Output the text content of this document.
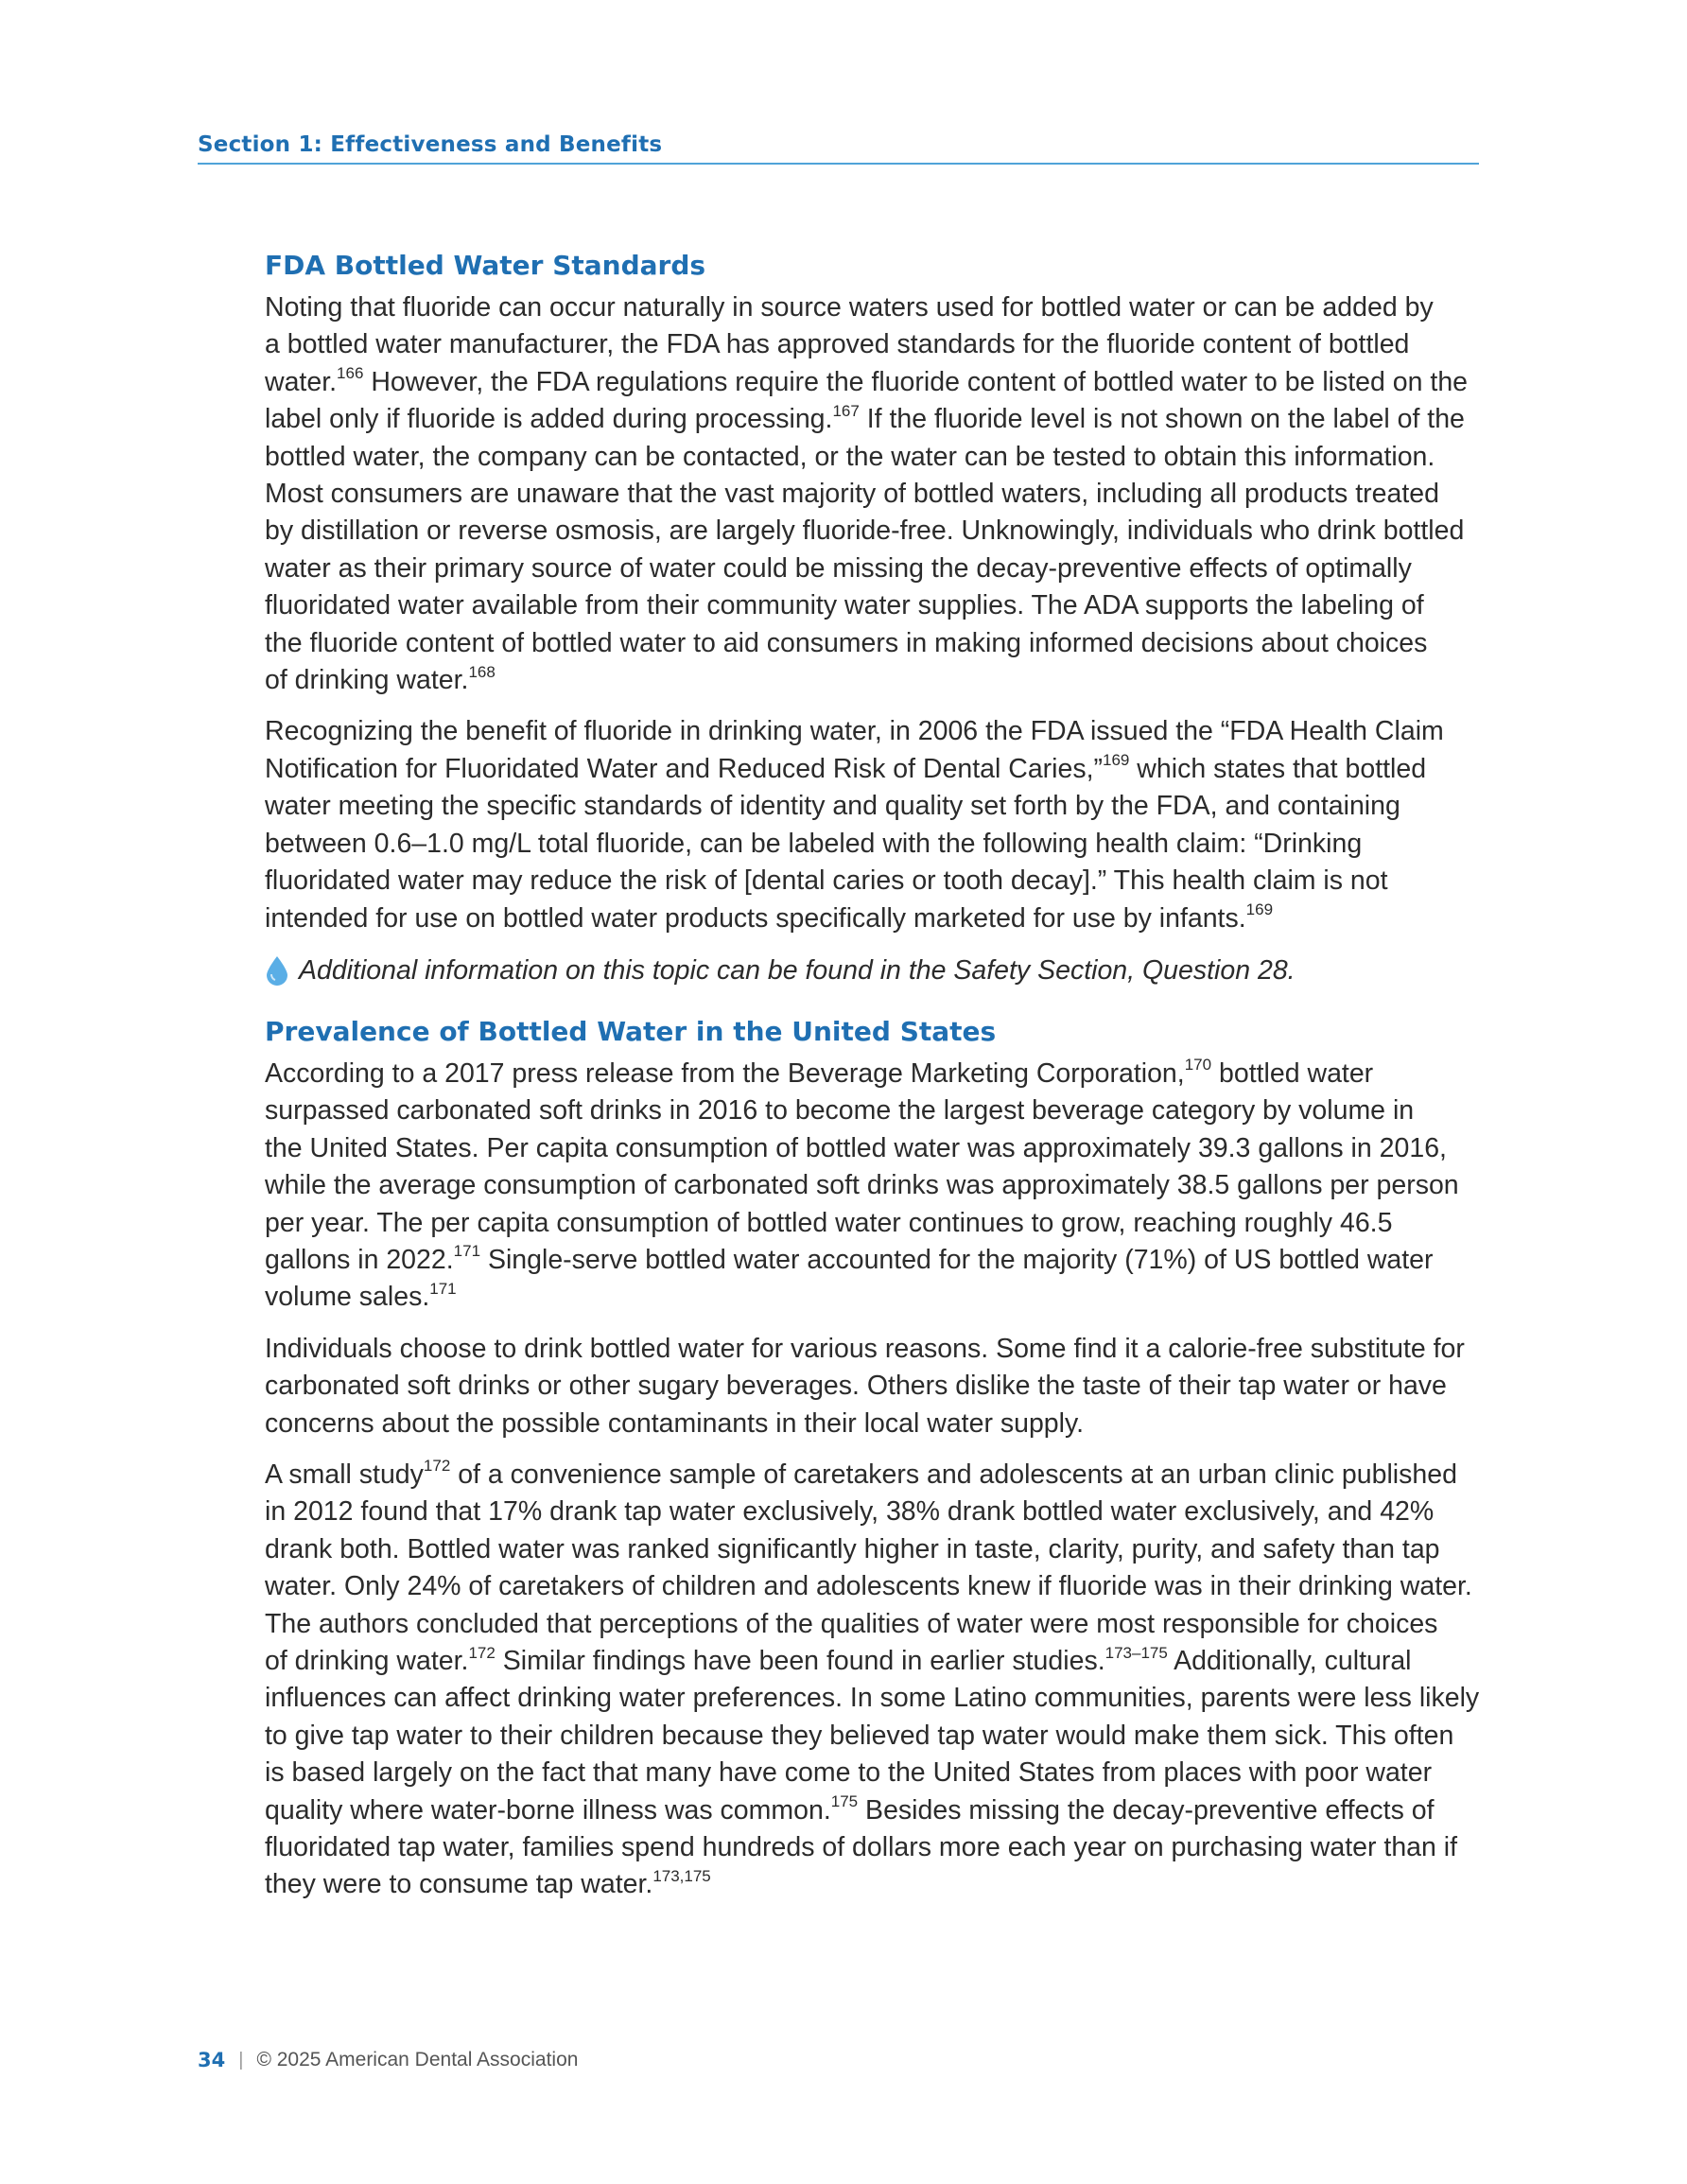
Section 1: Effectiveness and Benefits
FDA Bottled Water Standards
Noting that fluoride can occur naturally in source waters used for bottled water or can be added by
a bottled water manufacturer, the FDA has approved standards for the fluoride content of bottled
water.$^{166}$ However, the FDA regulations require the fluoride content of bottled water to be listed on the
label only if fluoride is added during processing.$^{167}$ If the fluoride level is not shown on the label of the
bottled water, the company can be contacted, or the water can be tested to obtain this information.
Most consumers are unaware that the vast majority of bottled waters, including all products treated
by distillation or reverse osmosis, are largely fluoride-free. Unknowingly, individuals who drink bottled
water as their primary source of water could be missing the decay-preventive effects of optimally
fluoridated water available from their community water supplies. The ADA supports the labeling of
the fluoride content of bottled water to aid consumers in making informed decisions about choices
of drinking water.$^{168}$
Recognizing the benefit of fluoride in drinking water, in 2006 the FDA issued the “FDA Health Claim
Notification for Fluoridated Water and Reduced Risk of Dental Caries,”$^{169}$ which states that bottled
water meeting the specific standards of identity and quality set forth by the FDA, and containing
between 0.6–1.0 mg/L total fluoride, can be labeled with the following health claim: “Drinking
fluoridated water may reduce the risk of [dental caries or tooth decay].” This health claim is not
intended for use on bottled water products specifically marketed for use by infants.$^{169}$
Additional information on this topic can be found in the Safety Section, Question 28.
Prevalence of Bottled Water in the United States
According to a 2017 press release from the Beverage Marketing Corporation,$^{170}$ bottled water
surpassed carbonated soft drinks in 2016 to become the largest beverage category by volume in
the United States. Per capita consumption of bottled water was approximately 39.3 gallons in 2016,
while the average consumption of carbonated soft drinks was approximately 38.5 gallons per person
per year. The per capita consumption of bottled water continues to grow, reaching roughly 46.5
gallons in 2022.$^{171}$ Single-serve bottled water accounted for the majority (71%) of US bottled water
volume sales.$^{171}$
Individuals choose to drink bottled water for various reasons. Some find it a calorie-free substitute for
carbonated soft drinks or other sugary beverages. Others dislike the taste of their tap water or have
concerns about the possible contaminants in their local water supply.
A small study$^{172}$ of a convenience sample of caretakers and adolescents at an urban clinic published
in 2012 found that 17% drank tap water exclusively, 38% drank bottled water exclusively, and 42%
drank both. Bottled water was ranked significantly higher in taste, clarity, purity, and safety than tap
water. Only 24% of caretakers of children and adolescents knew if fluoride was in their drinking water.
The authors concluded that perceptions of the qualities of water were most responsible for choices
of drinking water.$^{172}$ Similar findings have been found in earlier studies.$^{173-175}$ Additionally, cultural
influences can affect drinking water preferences. In some Latino communities, parents were less likely
to give tap water to their children because they believed tap water would make them sick. This often
is based largely on the fact that many have come to the United States from places with poor water
quality where water-borne illness was common.$^{175}$ Besides missing the decay-preventive effects of
fluoridated tap water, families spend hundreds of dollars more each year on purchasing water than if
they were to consume tap water.$^{173,175}$
34 | © 2025 American Dental Association
